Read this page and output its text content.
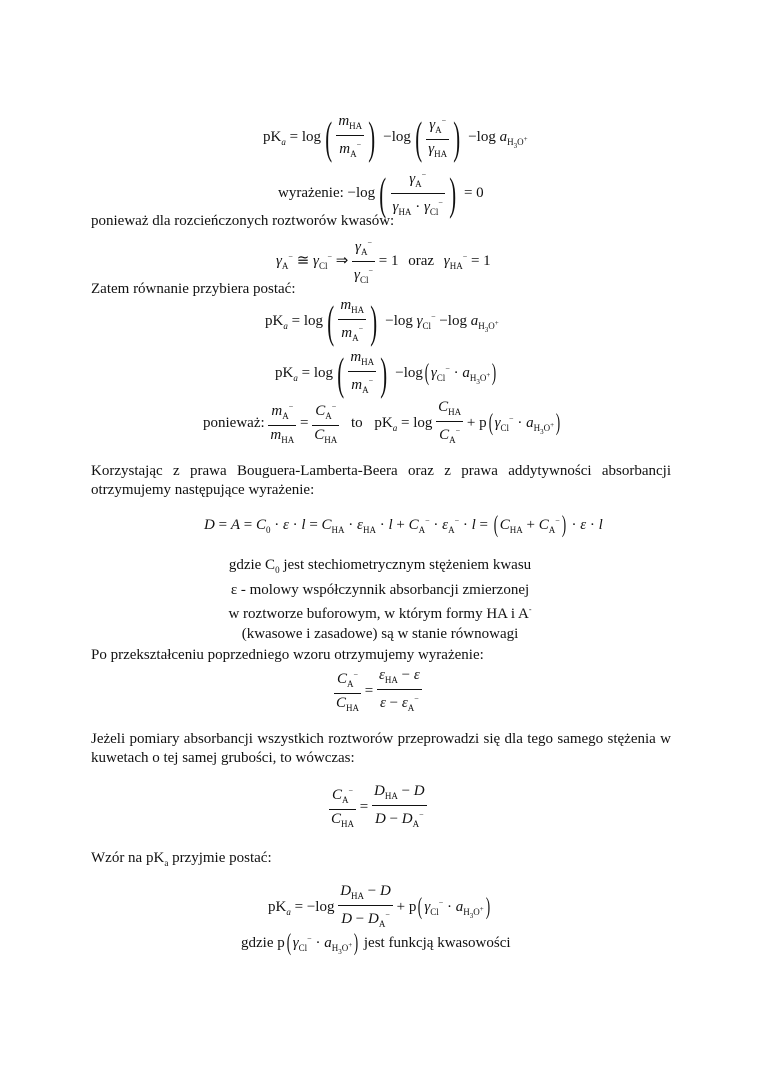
$pK_a = \log( \frac{m_{HA}}{m_A^-}$ ) $-\log( \frac{\gamma_A^-}{\gamma_{HA}}$ ) −log $a_{H_3O^+}$
wyrażenie: $-\log( \frac{\gamma_A^-}{\gamma_{HA} \cdot \gamma_{Cl}^-}$ ) = 0
ponieważ dla rozcieńczonych roztworów kwasów:
$\gamma_A^-$ ≅ $\gamma_{Cl}^-$ ⇒ $\frac{\gamma_A^-}{\gamma_{Cl}^-} = 1$ oraz $\gamma_{HA}^- = 1$
Zatem równanie przybiera postać:
$pK_a = \log( \frac{m_{HA}}{m_A^-}$ ) −log $\gamma_{Cl}^- -\log$ $a_{H_3O^+}$
$pK_a = \log( \frac{m_{HA}}{m_A^-}$ ) −log( $\gamma_{Cl}^- \cdot a_{H_3O^+}$)
ponieważ: $\frac{m_A^-}{m_{HA}} = \frac{C_A^-}{C_{HA}}$ to $pK_a = \log \frac{C_{HA}}{C_A^-} + p$( $\gamma_{Cl}^- \cdot a_{H_3O^+}$)
Korzystając z prawa Bouguera-Lamberta-Beera oraz z prawa addytywności absorbancji otrzymujemy następujące wyrażenie:
$D = A = C_0 \cdot \varepsilon \cdot l = C_{HA} \cdot \varepsilon_{HA} \cdot l + C_A^- \cdot \varepsilon_A^- \cdot l$ = ( $C_{HA} + C_A^-) \cdot \varepsilon \cdot l$
gdzie $C_0$ jest stechiometrycznym stężeniem kwasu
ε - molowy współczynnik absorbancji zmierzonej
w roztworze buforowym, w którym formy HA i A-
(kwasowe i zasadowe) są w stanie równowagi
Po przekształceniu poprzedniego wzoru otrzymujemy wyrażenie:
$\frac{C_A^-}{C_{HA}} = \frac{\varepsilon_{HA} - \varepsilon}{\varepsilon - \varepsilon_A^-}$
Jeżeli pomiary absorbancji wszystkich roztworów przeprowadzi się dla tego samego stężenia w kuwetach o tej samej grubości, to wówczas:
$\frac{C_A^-}{C_{HA}} = \frac{D_{HA} - D}{D - D_A^-}$
Wzór na $pK_a$ przyjmie postać:
$pK_a = -\log \frac{D_{HA} - D}{D - D_A^-} + p$( $\gamma_{Cl}^- \cdot a_{H_3O^+}$)
gdzie p( $\gamma_{Cl}^- \cdot a_{H_3O^+}$) jest funkcją kwasowości
